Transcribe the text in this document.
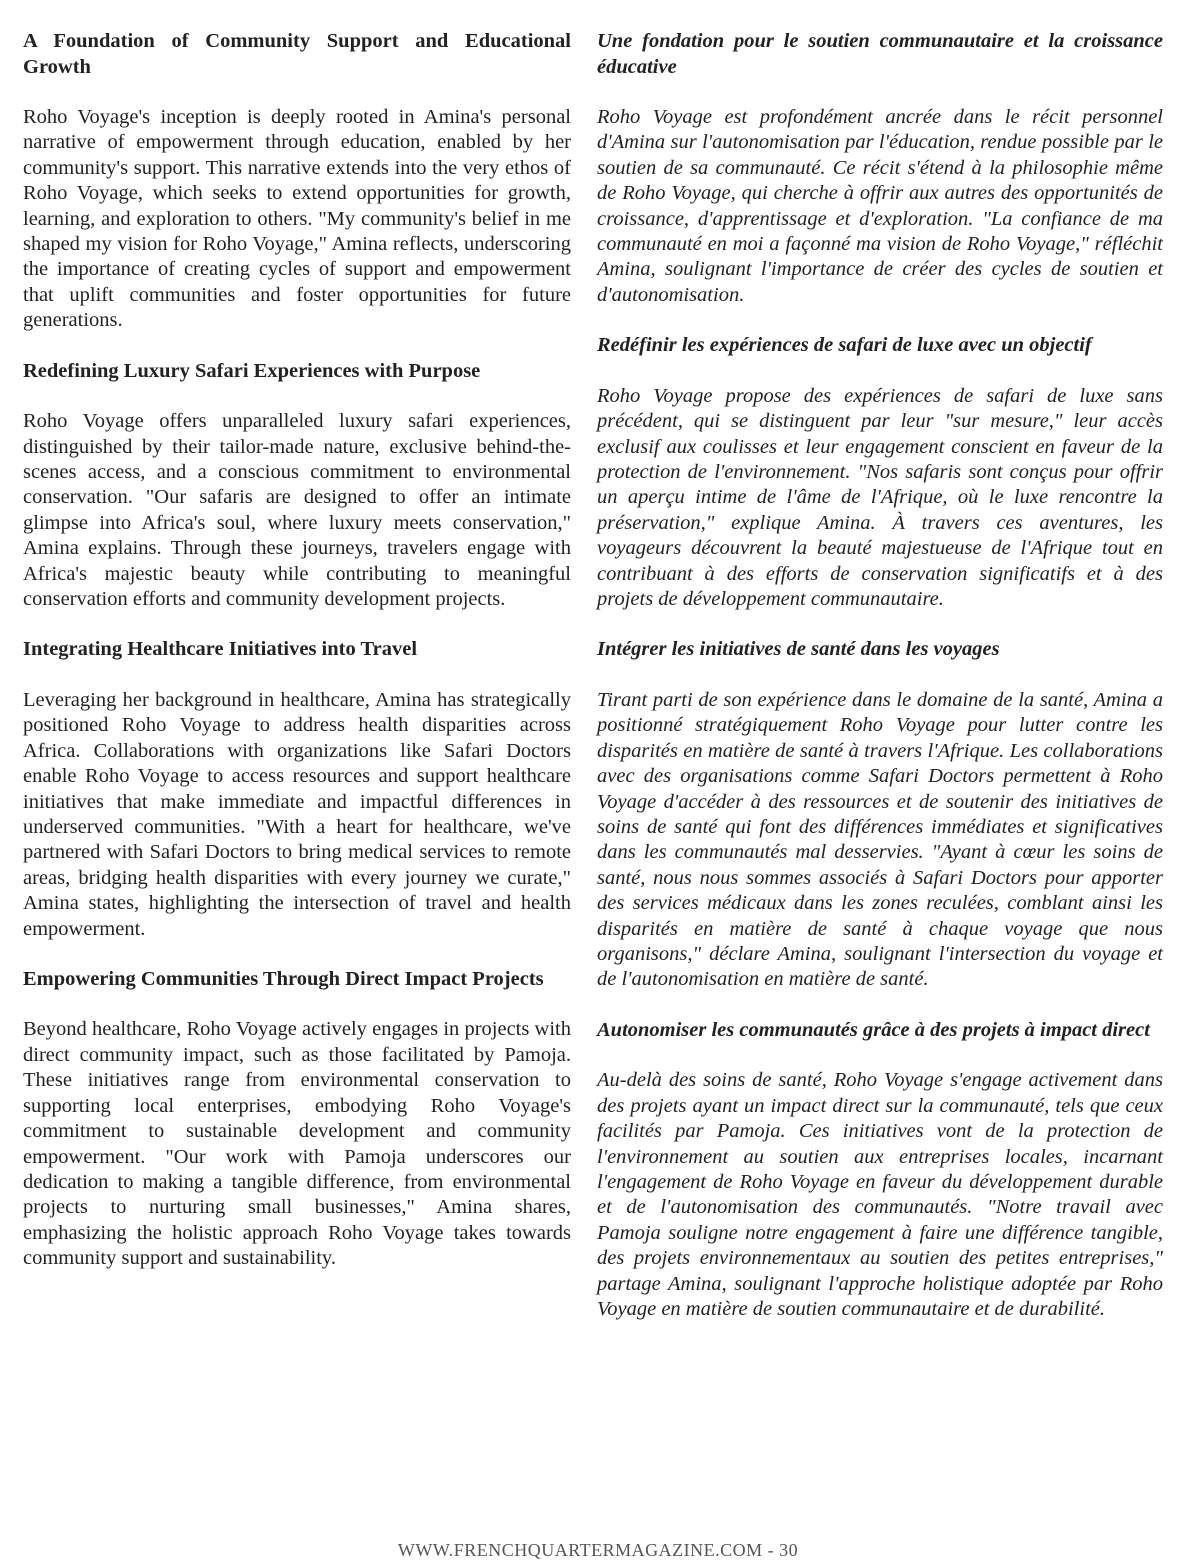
A Foundation of Community Support and Educational Growth

Roho Voyage's inception is deeply rooted in Amina's personal narrative of empowerment through education, enabled by her community's support. This narrative extends into the very ethos of Roho Voyage, which seeks to extend opportunities for growth, learning, and exploration to others. "My community's belief in me shaped my vision for Roho Voyage," Amina reflects, underscoring the importance of creating cycles of support and empowerment that uplift communities and foster opportunities for future generations.

Redefining Luxury Safari Experiences with Purpose

Roho Voyage offers unparalleled luxury safari experiences, distinguished by their tailor-made nature, exclusive behind-the-scenes access, and a conscious commitment to environmental conservation. "Our safaris are designed to offer an intimate glimpse into Africa's soul, where luxury meets conservation," Amina explains. Through these journeys, travelers engage with Africa's majestic beauty while contributing to meaningful conservation efforts and community development projects.

Integrating Healthcare Initiatives into Travel

Leveraging her background in healthcare, Amina has strategically positioned Roho Voyage to address health disparities across Africa. Collaborations with organizations like Safari Doctors enable Roho Voyage to access resources and support healthcare initiatives that make immediate and impactful differences in underserved communities. "With a heart for healthcare, we've partnered with Safari Doctors to bring medical services to remote areas, bridging health disparities with every journey we curate," Amina states, highlighting the intersection of travel and health empowerment.

Empowering Communities Through Direct Impact Projects

Beyond healthcare, Roho Voyage actively engages in projects with direct community impact, such as those facilitated by Pamoja. These initiatives range from environmental conservation to supporting local enterprises, embodying Roho Voyage's commitment to sustainable development and community empowerment. "Our work with Pamoja underscores our dedication to making a tangible difference, from environmental projects to nurturing small businesses," Amina shares, emphasizing the holistic approach Roho Voyage takes towards community support and sustainability.

Une fondation pour le soutien communautaire et la croissance éducative

Roho Voyage est profondément ancrée dans le récit personnel d'Amina sur l'autonomisation par l'éducation, rendue possible par le soutien de sa communauté. Ce récit s'étend à la philosophie même de Roho Voyage, qui cherche à offrir aux autres des opportunités de croissance, d'apprentissage et d'exploration. "La confiance de ma communauté en moi a façonné ma vision de Roho Voyage," réfléchit Amina, soulignant l'importance de créer des cycles de soutien et d'autonomisation.

Redéfinir les expériences de safari de luxe avec un objectif

Roho Voyage propose des expériences de safari de luxe sans précédent, qui se distinguent par leur "sur mesure," leur accès exclusif aux coulisses et leur engagement conscient en faveur de la protection de l'environnement. "Nos safaris sont conçus pour offrir un aperçu intime de l'âme de l'Afrique, où le luxe rencontre la préservation," explique Amina. À travers ces aventures, les voyageurs découvrent la beauté majestueuse de l'Afrique tout en contribuant à des efforts de conservation significatifs et à des projets de développement communautaire.

Intégrer les initiatives de santé dans les voyages

Tirant parti de son expérience dans le domaine de la santé, Amina a positionné stratégiquement Roho Voyage pour lutter contre les disparités en matière de santé à travers l'Afrique. Les collaborations avec des organisations comme Safari Doctors permettent à Roho Voyage d'accéder à des ressources et de soutenir des initiatives de soins de santé qui font des différences immédiates et significatives dans les communautés mal desservies. "Ayant à cœur les soins de santé, nous nous sommes associés à Safari Doctors pour apporter des services médicaux dans les zones reculées, comblant ainsi les disparités en matière de santé à chaque voyage que nous organisons," déclare Amina, soulignant l'intersection du voyage et de l'autonomisation en matière de santé.

Autonomiser les communautés grâce à des projets à impact direct

Au-delà des soins de santé, Roho Voyage s'engage activement dans des projets ayant un impact direct sur la communauté, tels que ceux facilités par Pamoja. Ces initiatives vont de la protection de l'environnement au soutien aux entreprises locales, incarnant l'engagement de Roho Voyage en faveur du développement durable et de l'autonomisation des communautés. "Notre travail avec Pamoja souligne notre engagement à faire une différence tangible, des projets environnementaux au soutien des petites entreprises," partage Amina, soulignant l'approche holistique adoptée par Roho Voyage en matière de soutien communautaire et de durabilité.

WWW.FRENCHQUARTERMAGAZINE.COM - 30
